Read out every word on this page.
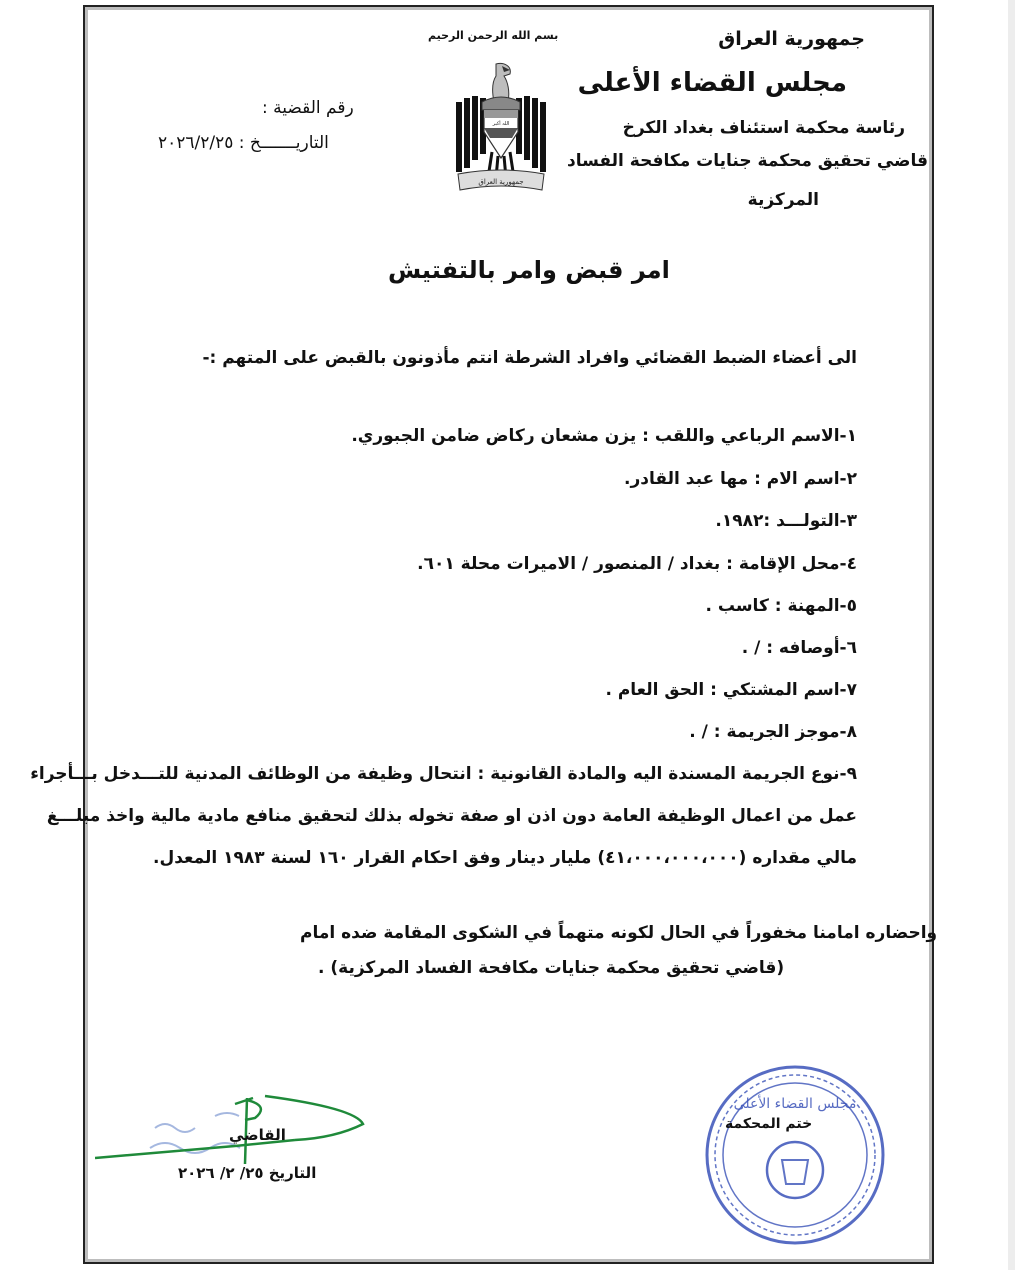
جمهورية العراق
مجلس القضاء الأعلى
رئاسة محكمة استئناف بغداد الكرخ
قاضي تحقيق محكمة جنايات مكافحة الفساد
المركزية
بسم الله الرحمن الرحيم
الله أكبر
جمهورية العراق
رقم القضية :
التاريـــــــخ : ٢٠٢٦/٢/٢٥
امر قبض وامر بالتفتيش
الى أعضاء الضبط القضائي وافراد الشرطة انتم مأذونون بالقبض على المتهم :-
١-الاسم الرباعي واللقب : يزن مشعان ركاض ضامن الجبوري.
٢-اسم الام : مها عبد القادر.
٣-التولـــد :١٩٨٢.
٤-محل الإقامة : بغداد / المنصور / الاميرات محلة ٦٠١.
٥-المهنة : كاسب .
٦-أوصافه : / .
٧-اسم المشتكي : الحق العام .
٨-موجز الجريمة : / .
٩-نوع الجريمة المسندة اليه والمادة القانونية : انتحال وظيفة من الوظائف المدنية للتـــدخل بـــأجراء
عمل من اعمال الوظيفة العامة دون اذن او صفة تخوله بذلك لتحقيق منافع مادية مالية واخذ مبلـــغ
مالي مقداره (٤١،٠٠٠،٠٠٠،٠٠٠) مليار دينار وفق احكام القرار ١٦٠ لسنة ١٩٨٣ المعدل.
واحضاره امامنا مخفوراً في الحال لكونه متهماً في الشكوى المقامة ضده امام
(قاضي تحقيق محكمة جنايات مكافحة الفساد المركزية) .
القاضي
التاريخ ٢٥/ ٢/ ٢٠٢٦
مجلس القضاء الأعلى
ختم المحكمة
